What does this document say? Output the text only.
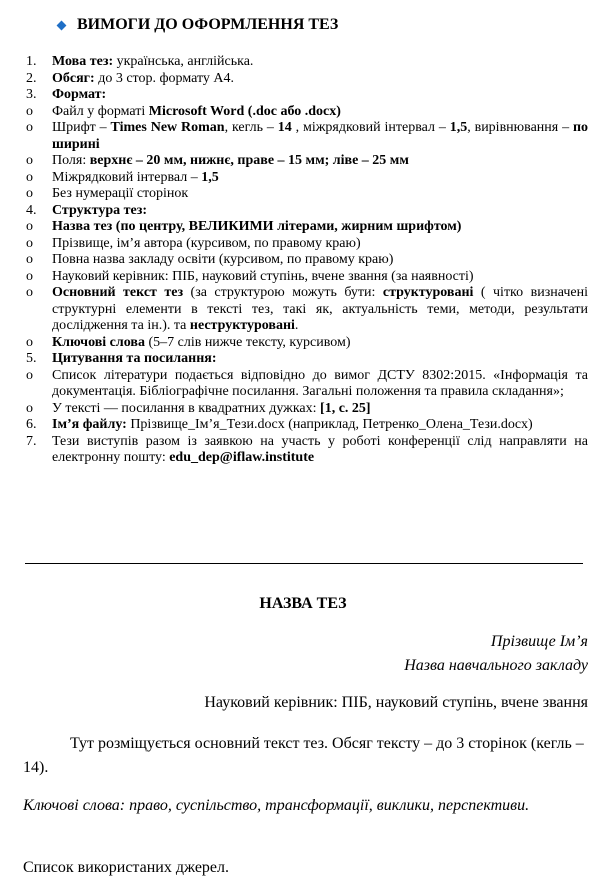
ВИМОГИ ДО ОФОРМЛЕННЯ ТЕЗ
1. Мова тез: українська, англійська.
2. Обсяг: до 3 стор. формату А4.
3. Формат:
o Файл у форматі Microsoft Word (.doc або .docx)
o Шрифт – Times New Roman, кегль – 14 , міжрядковий інтервал – 1,5, вирівнювання – по ширині
o Поля: верхнє – 20 мм, нижнє, праве – 15 мм; ліве – 25 мм
o Міжрядковий інтервал – 1,5
o Без нумерації сторінок
4. Структура тез:
o Назва тез (по центру, ВЕЛИКИМИ літерами, жирним шрифтом)
o Прізвище, ім’я автора (курсивом, по правому краю)
o Повна назва закладу освіти (курсивом, по правому краю)
o Науковий керівник: ПІБ, науковий ступінь, вчене звання (за наявності)
o Основний текст тез (за структурою можуть бути: структуровані ( чітко визначені структурні елементи в тексті тез, такі як, актуальність теми, методи, результати дослідження та ін.). та неструктуровані.
o Ключові слова (5–7 слів нижче тексту, курсивом)
5. Цитування та посилання:
o Список літератури подається відповідно до вимог ДСТУ 8302:2015. «Інформація та документація. Бібліографічне посилання. Загальні положення та правила складання»;
o У тексті — посилання в квадратних дужках: [1, с. 25]
6. Ім’я файлу: Прізвище_Ім’я_Тези.docx (наприклад, Петренко_Олена_Тези.docx)
7. Тези виступів разом із заявкою на участь у роботі конференції слід направляти на електронну пошту: edu_dep@iflaw.institute
НАЗВА ТЕЗ
Прізвище Ім’я
Назва навчального закладу
Науковий керівник: ПІБ, науковий ступінь, вчене звання
Тут розміщується основний текст тез. Обсяг тексту – до 3 сторінок (кегль – 14).
Ключові слова: право, суспільство, трансформації, виклики, перспективи.
Список використаних джерел.
